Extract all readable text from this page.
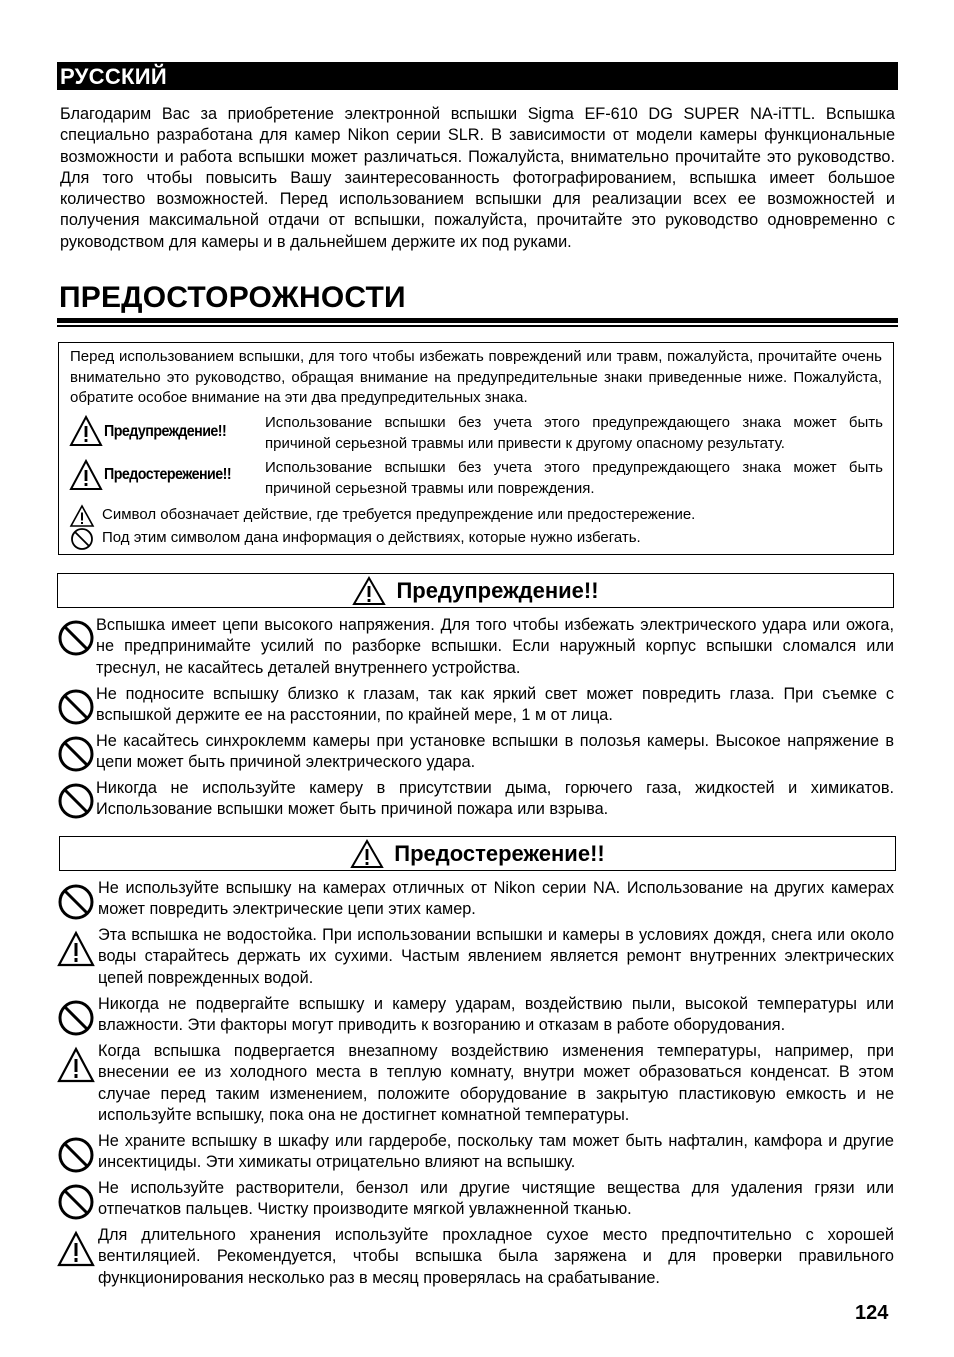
РУССКИЙ

Благодарим Вас за приобретение электронной вспышки Sigma EF-610 DG SUPER NA-iTTL. Вспышка специально разработана для камер Nikon серии SLR. В зависимости от модели камеры функциональные возможности и работа вспышки может различаться. Пожалуйста, внимательно прочитайте это руководство. Для того чтобы повысить Вашу заинтересованность фотографированием, вспышка имеет большое количество возможностей. Перед использованием вспышки для реализации всех ее возможностей и получения максимальной отдачи от вспышки, пожалуйста, прочитайте это руководство одновременно с руководством для камеры и в дальнейшем держите их под руками.

ПРЕДОСТОРОЖНОСТИ

Перед использованием вспышки, для того чтобы избежать повреждений или травм, пожалуйста, прочитайте очень внимательно это руководство, обращая внимание на предупредительные знаки приведенные ниже. Пожалуйста, обратите особое внимание на эти два предупредительных знака.

Предупреждение!!

Использование вспышки без учета этого предупреждающего знака может быть причиной серьезной травмы или привести к другому опасному результату.

Предостережение!! Использование вспышки без учета этого предупреждающего знака может быть причиной серьезной травмы или повреждения.

Символ обозначает действие, где требуется предупреждение или предостережение.
Под этим символом дана информация о действиях, которые нужно избегать.
Предупреждение!!

Вспышка имеет цепи высокого напряжения. Для того чтобы избежать электрического удара или ожога, не предпринимайте усилий по разборке вспышки. Если наружный корпус вспышки сломался или треснул, не касайтесь деталей внутреннего устройства.

Не подносите вспышку близко к глазам, так как яркий свет может повредить глаза. При съемке с вспышкой держите ее на расстоянии, по крайней мере, 1 м от лица.

Не касайтесь синхроклемм камеры при установке вспышки в полозья камеры. Высокое напряжение в цепи может быть причиной электрического удара.

Никогда не используйте камеру в присутствии дыма, горючего газа, жидкостей и химикатов. Использование вспышки может быть причиной пожара или взрыва.

Предостережение!!

Не используйте вспышку на камерах отличных от Nikon серии NA. Использование на других камерах может повредить электрические цепи этих камер.

Эта вспышка не водостойка. При использовании вспышки и камеры в условиях дождя, снега или около воды старайтесь держать их сухими. Частым явлением является ремонт внутренних электрических цепей поврежденных водой.

Никогда не подвергайте вспышку и камеру ударам, воздействию пыли, высокой температуры или влажности. Эти факторы могут приводить к возгоранию и отказам в работе оборудования.

Когда вспышка подвергается внезапному воздействию изменения температуры, например, при внесении ее из холодного места в теплую комнату, внутри может образоваться конденсат. В этом случае перед таким изменением, положите оборудование в закрытую пластиковую емкость и не используйте вспышку, пока она не достигнет комнатной температуры.

Не храните вспышку в шкафу или гардеробе, поскольку там может быть нафталин, камфора и другие инсектициды. Эти химикаты отрицательно влияют на вспышку.

Не используйте растворители, бензол или другие чистящие вещества для удаления грязи или отпечатков пальцев. Чистку производите мягкой увлажненной тканью.

Для длительного хранения используйте прохладное сухое место предпочтительно с хорошей вентиляцией. Рекомендуется, чтобы вспышка была заряжена и для проверки правильного функционирования несколько раз в месяц проверялась на срабатывание.

124
